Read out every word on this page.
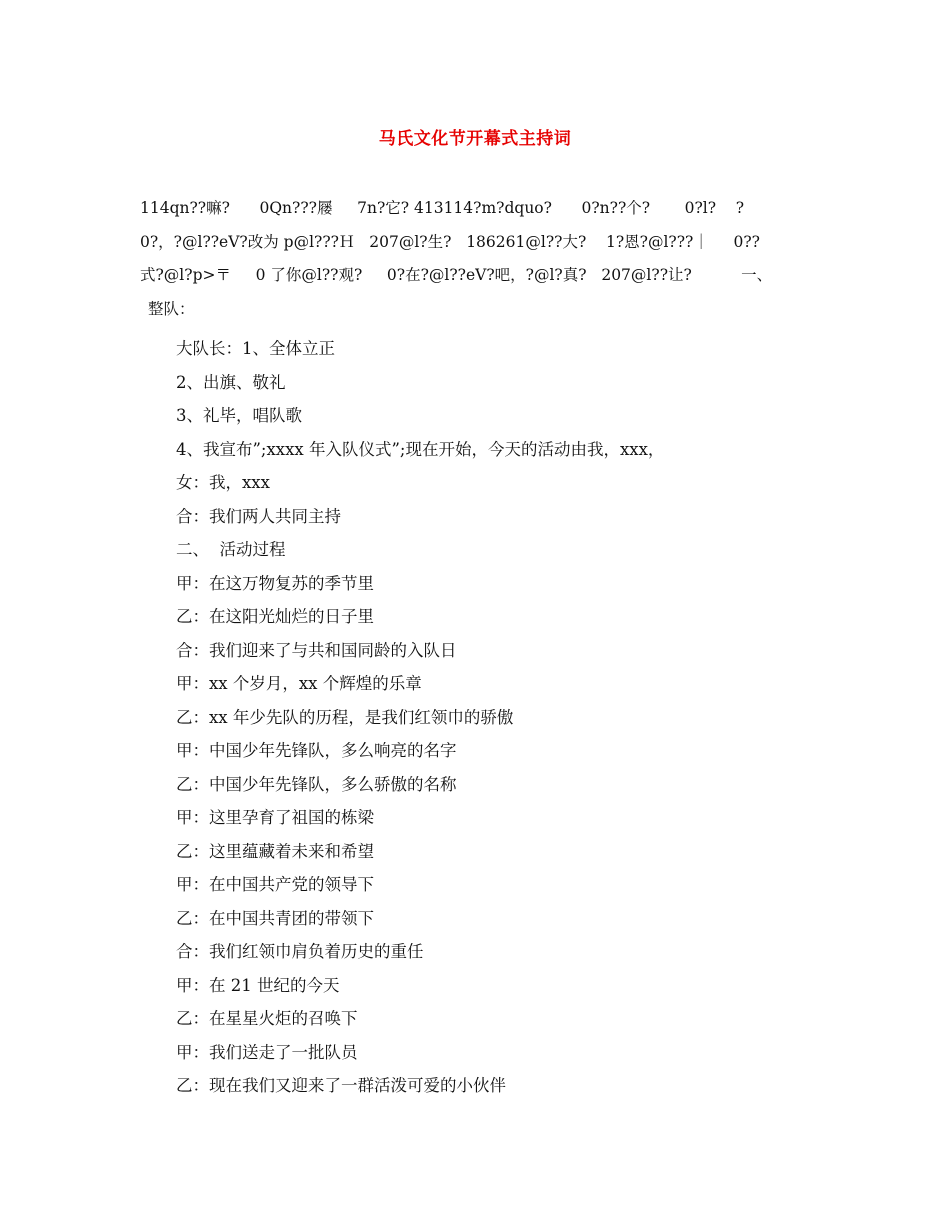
马氏文化节开幕式主持词
114qn??嘛?      0Qn???屦     7n?它? 413114?m?dquo?      0?n??个?       0?l?    ?
0?，?@l??eV?改为 p@l???Ｈ   207@l?生?   186261@l??大?    1?恩?@l???｜     0??
式?@l?p>〒     0 了你@l??观?     0?在?@l??eV?吧，?@l?真?   207@l??让?          一、
整队：
大队长：1、全体立正
2、出旗、敬礼
3、礼毕，唱队歌
4、我宣布”;xxxx 年入队仪式”;现在开始，今天的活动由我，xxx，
女：我，xxx
合：我们两人共同主持
二、  活动过程
甲：在这万物复苏的季节里
乙：在这阳光灿烂的日子里
合：我们迎来了与共和国同龄的入队日
甲：xx 个岁月，xx 个辉煌的乐章
乙：xx 年少先队的历程，是我们红领巾的骄傲
甲：中国少年先锋队，多么响亮的名字
乙：中国少年先锋队，多么骄傲的名称
甲：这里孕育了祖国的栋梁
乙：这里蕴藏着未来和希望
甲：在中国共产党的领导下
乙：在中国共青团的带领下
合：我们红领巾肩负着历史的重任
甲：在 21 世纪的今天
乙：在星星火炬的召唤下
甲：我们送走了一批队员
乙：现在我们又迎来了一群活泼可爱的小伙伴
